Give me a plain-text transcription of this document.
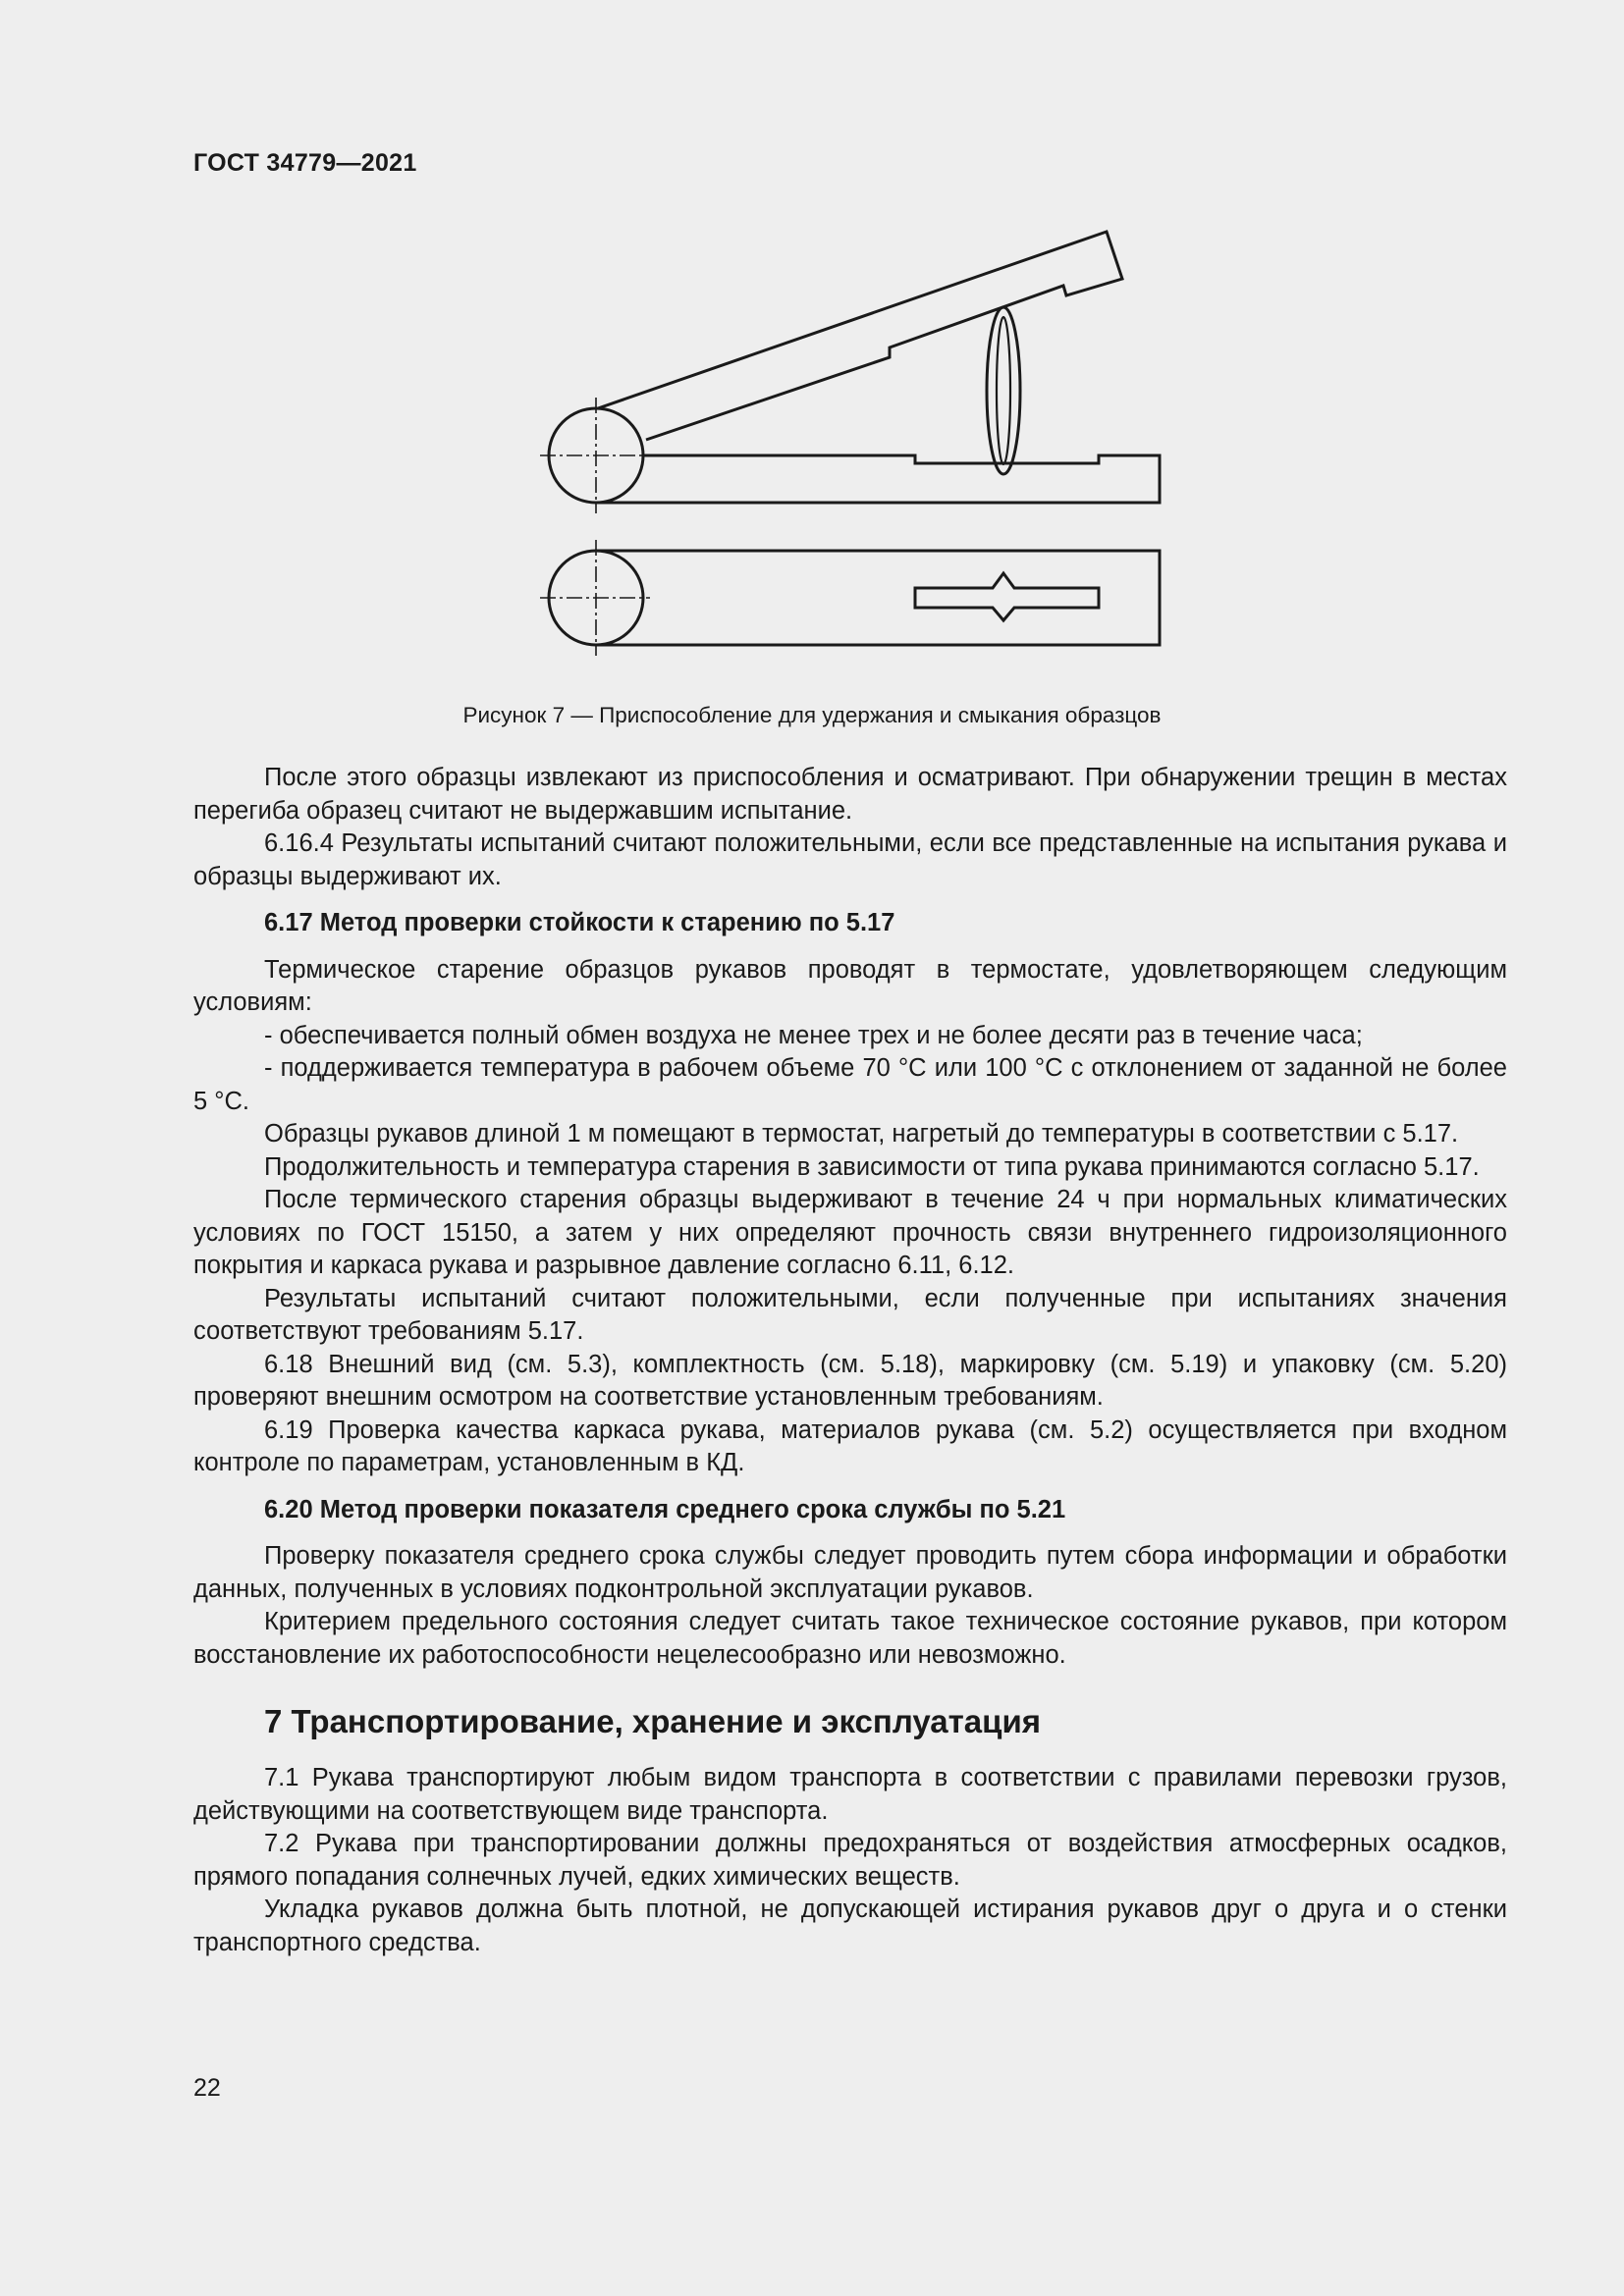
ГОСТ 34779—2021
Рисунок 7 — Приспособление для удержания и смыкания образцов

После этого образцы извлекают из приспособления и осматривают. При обнаружении трещин в местах перегиба образец считают не выдержавшим испытание.

6.16.4 Результаты испытаний считают положительными, если все представленные на испытания рукава и образцы выдерживают их.

6.17 Метод проверки стойкости к старению по 5.17

Термическое старение образцов рукавов проводят в термостате, удовлетворяющем следующим условиям:

- обеспечивается полный обмен воздуха не менее трех и не более десяти раз в течение часа;

- поддерживается температура в рабочем объеме 70 °С или 100 °С с отклонением от заданной не более 5 °С.

Образцы рукавов длиной 1 м помещают в термостат, нагретый до температуры в соответствии с 5.17.

Продолжительность и температура старения в зависимости от типа рукава принимаются согласно 5.17.

После термического старения образцы выдерживают в течение 24 ч при нормальных климатических условиях по ГОСТ 15150, а затем у них определяют прочность связи внутреннего гидроизоляционного покрытия и каркаса рукава и разрывное давление согласно 6.11, 6.12.

Результаты испытаний считают положительными, если полученные при испытаниях значения соответствуют требованиям 5.17.

6.18 Внешний вид (см. 5.3), комплектность (см. 5.18), маркировку (см. 5.19) и упаковку (см. 5.20) проверяют внешним осмотром на соответствие установленным требованиям.

6.19 Проверка качества каркаса рукава, материалов рукава (см. 5.2) осуществляется при входном контроле по параметрам, установленным в КД.

6.20 Метод проверки показателя среднего срока службы по 5.21

Проверку показателя среднего срока службы следует проводить путем сбора информации и обработки данных, полученных в условиях подконтрольной эксплуатации рукавов.

Критерием предельного состояния следует считать такое техническое состояние рукавов, при котором восстановление их работоспособности нецелесообразно или невозможно.

7 Транспортирование, хранение и эксплуатация

7.1 Рукава транспортируют любым видом транспорта в соответствии с правилами перевозки грузов, действующими на соответствующем виде транспорта.

7.2 Рукава при транспортировании должны предохраняться от воздействия атмосферных осадков, прямого попадания солнечных лучей, едких химических веществ.

Укладка рукавов должна быть плотной, не допускающей истирания рукавов друг о друга и о стенки транспортного средства.

22
